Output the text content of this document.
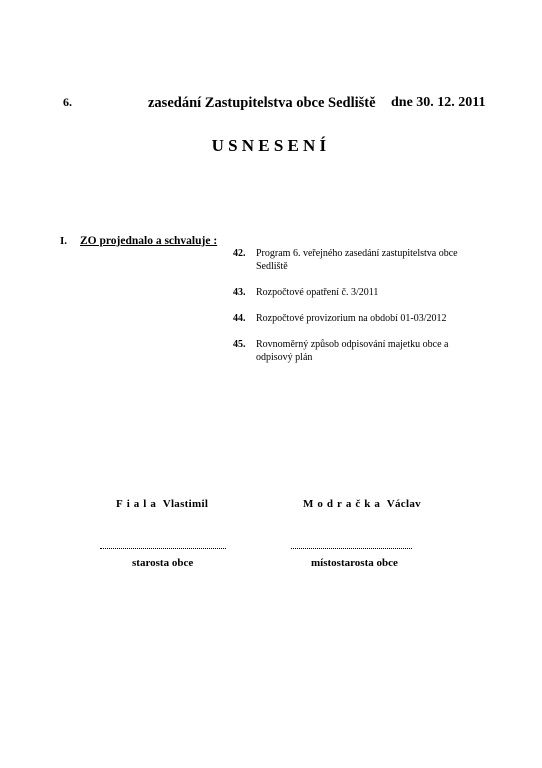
6.	zasedání Zastupitelstva obce Sedliště dne 30. 12. 2011
USNESENÍ
I. ZO projednalo a schvaluje :
42.	Program 6. veřejného zasedání zastupitelstva obce Sedliště
43.	Rozpočtové opatření č. 3/2011
44.	Rozpočtové provizorium na období 01-03/2012
45.	Rovnoměrný způsob odpisování majetku obce a odpisový plán
Fiala Vlastimil	Modračka Václav
starosta obce	místostarosta obce
